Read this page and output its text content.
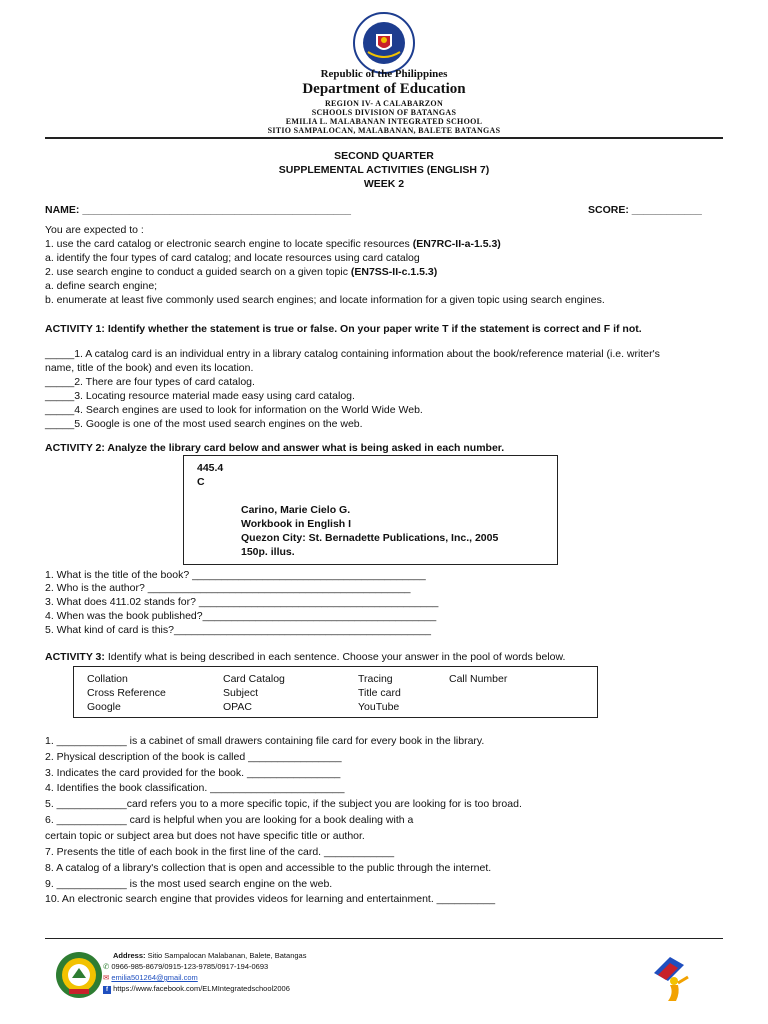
Republic of the Philippines
Department of Education
REGION IV- A CALABARZON
SCHOOLS DIVISION OF BATANGAS
EMILIA L. MALABANAN INTEGRATED SCHOOL
SITIO SAMPALOCAN, MALABANAN, BALETE BATANGAS
SECOND QUARTER
SUPPLEMENTAL ACTIVITIES (ENGLISH 7)
WEEK 2
NAME: ______________________________________________	SCORE: ____________
You are expected to :
1. use the card catalog or electronic search engine to locate specific resources (EN7RC-II-a-1.5.3)
a. identify the four types of card catalog; and locate resources using card catalog
2. use search engine to conduct a guided search on a given topic (EN7SS-II-c.1.5.3)
a. define search engine;
b. enumerate at least five commonly used search engines; and locate information for a given topic using search engines.
ACTIVITY 1: Identify whether the statement is true or false. On your paper write T if the statement is correct and F if not.
_____1. A catalog card is an individual entry in a library catalog containing information about the book/reference material (i.e. writer's
name, title of the book) and even its location.
_____2. There are four types of card catalog.
_____3. Locating resource material made easy using card catalog.
_____4. Search engines are used to look for information on the World Wide Web.
_____5. Google is one of the most used search engines on the web.
ACTIVITY 2: Analyze the library card below and answer what is being asked in each number.
445.4
C
Carino, Marie Cielo G.
Workbook in English I
Quezon City: St. Bernadette Publications, Inc., 2005
150p. illus.
1. What is the title of the book? ________________________________________
2. Who is the author? _____________________________________________
3. What does 411.02 stands for? _________________________________________
4. When was the book published?________________________________________
5. What kind of card is this?____________________________________________
ACTIVITY 3: Identify what is being described in each sentence. Choose your answer in the pool of words below.
Collation	Card Catalog	Tracing	Call Number
Cross Reference	Subject	Title card
Google	OPAC	YouTube
1. ____________ is a cabinet of small drawers containing file card for every book in the library.
2. Physical description of the book is called ________________
3. Indicates the card provided for the book. ________________
4. Identifies the book classification. _______________________
5. ____________card refers you to a more specific topic, if the subject you are looking for is too broad.
6. ____________ card is helpful when you are looking for a book dealing with a
certain topic or subject area but does not have specific title or author.
7. Presents the title of each book in the first line of the card. ____________
8. A catalog of a library's collection that is open and accessible to the public through the internet.
9. ____________ is the most used search engine on the web.
10. An electronic search engine that provides videos for learning and entertainment. __________
Address: Sitio Sampalocan Malabanan, Balete, Batangas
✆ 0966-985-8679/0915-123-9785/0917-194-0693
✉ emilia501264@gmail.com
f https://www.facebook.com/ELMIntegratedschool2006
